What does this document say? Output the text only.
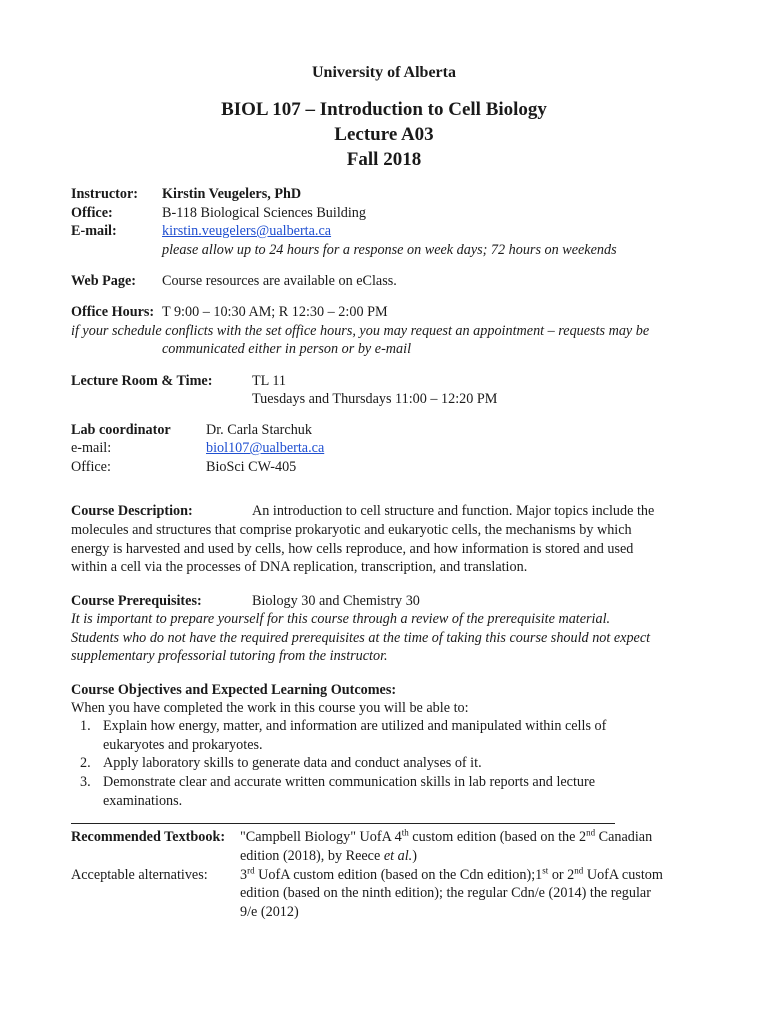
University of Alberta
BIOL 107 – Introduction to Cell Biology
Lecture A03
Fall 2018
Instructor: Kirstin Veugelers, PhD
Office:	B-118 Biological Sciences Building
E-mail:	kirstin.veugelers@ualberta.ca
please allow up to 24 hours for a response on week days; 72 hours on weekends
Web Page: Course resources are available on eClass.
Office Hours: T 9:00 – 10:30 AM; R 12:30 – 2:00 PM
if your schedule conflicts with the set office hours, you may request an appointment – requests may be
communicated either in person or by e-mail
Lecture Room & Time:	TL 11
Tuesdays and Thursdays 11:00 – 12:20 PM
Lab coordinator Dr. Carla Starchuk
e-mail:	biol107@ualberta.ca
Office:	BioSci CW-405
Course Description:	An introduction to cell structure and function. Major topics include the
molecules and structures that comprise prokaryotic and eukaryotic cells, the mechanisms by which
energy is harvested and used by cells, how cells reproduce, and how information is stored and used
within a cell via the processes of DNA replication, transcription, and translation.
Course Prerequisites:	Biology 30 and Chemistry 30
It is important to prepare yourself for this course through a review of the prerequisite material.
Students who do not have the required prerequisites at the time of taking this course should not expect
supplementary professorial tutoring from the instructor.
Course Objectives and Expected Learning Outcomes:
When you have completed the work in this course you will be able to:
1. Explain how energy, matter, and information are utilized and manipulated within cells of
eukaryotes and prokaryotes.
2. Apply laboratory skills to generate data and conduct analyses of it.
3. Demonstrate clear and accurate written communication skills in lab reports and lecture
examinations.
Recommended Textbook: "Campbell Biology" UofA 4th custom edition (based on the 2nd Canadian
edition (2018), by Reece et al.)
Acceptable alternatives: 3rd UofA custom edition (based on the Cdn edition);1st or 2nd UofA custom
edition (based on the ninth edition); the regular Cdn/e (2014) the regular
9/e (2012)
